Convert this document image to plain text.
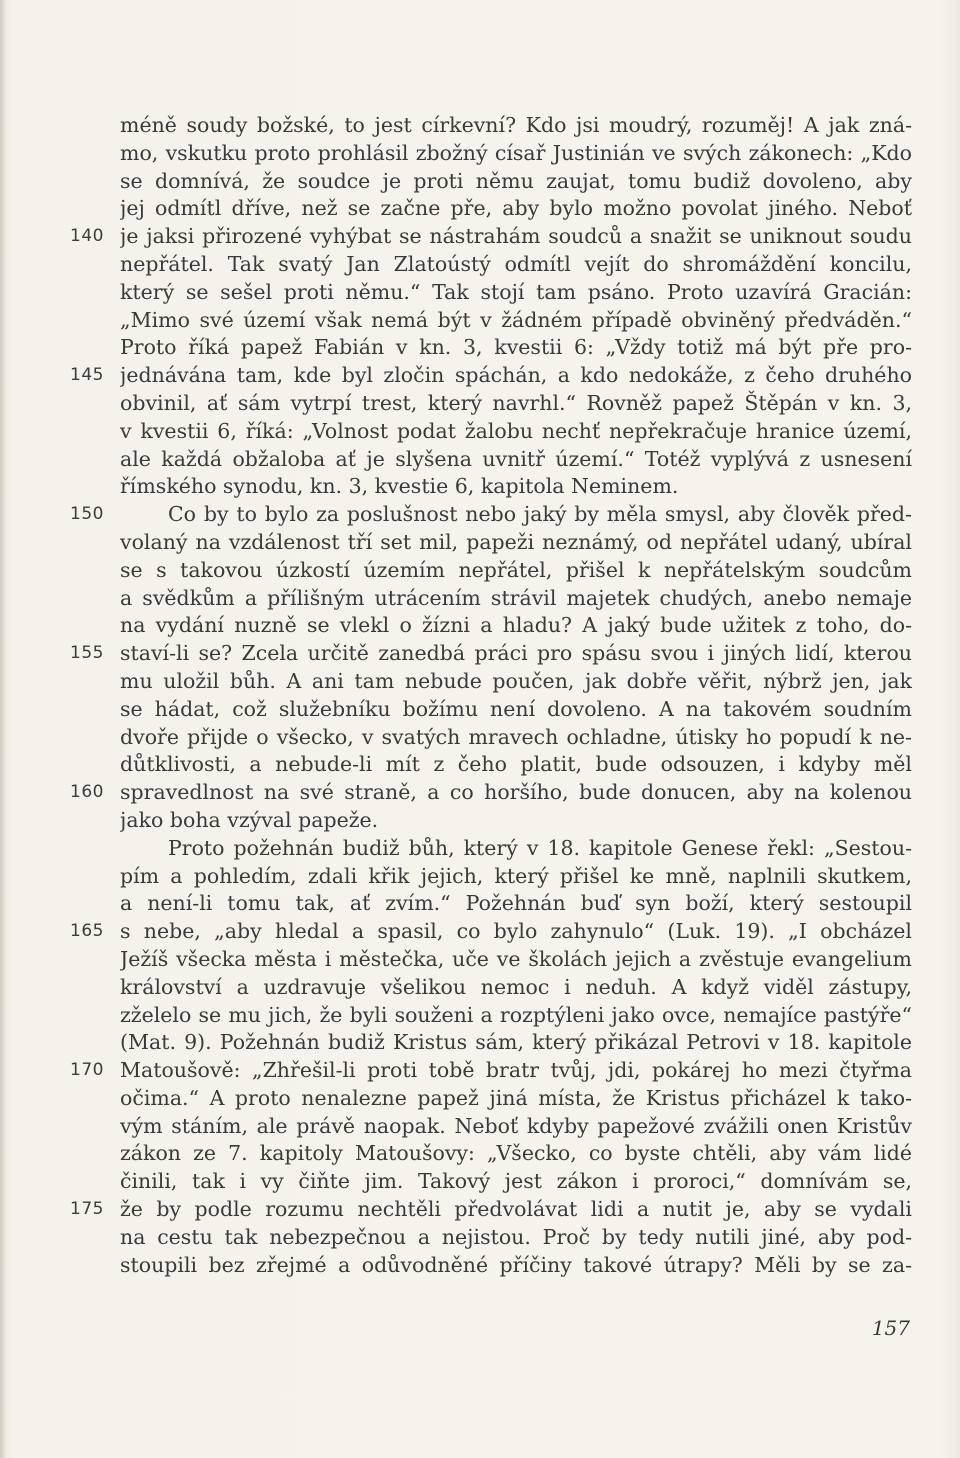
méně soudy božské, to jest církevní? Kdo jsi moudrý, rozuměj! A jak zná-
mo, vskutku proto prohlásil zbožný císař Justinián ve svých zákonech: „Kdo
se domnívá, že soudce je proti němu zaujat, tomu budiž dovoleno, aby
jej odmítl dříve, než se začne pře, aby bylo možno povolat jiného. Neboť
140 je jaksi přirozené vyhýbat se nástrahám soudců a snažit se uniknout soudu
nepřátel. Tak svatý Jan Zlatoústý odmítl vejít do shromáždění koncilu,
který se sešel proti němu.“ Tak stojí tam psáno. Proto uzavírá Gracián:
„Mimo své území však nemá být v žádném případě obviněný předváděn.“
Proto říká papež Fabián v kn. 3, kvestii 6: „Vždy totiž má být pře pro-
145 jednávána tam, kde byl zločin spáchán, a kdo nedokáže, z čeho druhého
obvinil, ať sám vytrpí trest, který navrhl.“ Rovněž papež Štěpán v kn. 3,
v kvestii 6, říká: „Volnost podat žalobu nechť nepřekračuje hranice území,
ale každá obžaloba ať je slyšena uvnitř území.“ Totéž vyplývá z usnesení
římského synodu, kn. 3, kvestie 6, kapitola Neminem.
150	Co by to bylo za poslušnost nebo jaký by měla smysl, aby člověk před-
volaný na vzdálenost tří set mil, papeži neznámý, od nepřátel udaný, ubíral
se s takovou úzkostí územím nepřátel, přišel k nepřátelským soudcům
a svědkům a přílišným utrácením strávil majetek chudých, anebo nemaje
na vydání nuzně se vlekl o žízni a hladu? A jaký bude užitek z toho, do-
155 staví-li se? Zcela určitě zanedbá práci pro spásu svou i jiných lidí, kterou
mu uložil bůh. A ani tam nebude poučen, jak dobře věřit, nýbrž jen, jak
se hádat, což služebníku božímu není dovoleno. A na takovém soudním
dvoře přijde o všecko, v svatých mravech ochladne, útisky ho popudí k ne-
důtklivosti, a nebude-li mít z čeho platit, bude odsouzen, i kdyby měl
160 spravedlnost na své straně, a co horšího, bude donucen, aby na kolenou
jako boha vzýval papeže.
Proto požehnán budiž bůh, který v 18. kapitole Genese řekl: „Sestou-
pím a pohledím, zdali křik jejich, který přišel ke mně, naplnili skutkem,
a není-li tomu tak, ať zvím.“ Požehnán buď syn boží, který sestoupil
165 s nebe, „aby hledal a spasil, co bylo zahynulo“ (Luk. 19). „I obcházel
Ježíš všecka města i městečka, uče ve školách jejich a zvěstuje evangelium
království a uzdravuje všelikou nemoc i neduh. A když viděl zástupy,
zželelo se mu jich, že byli souženi a rozptýleni jako ovce, nemajíce pastýře“
(Mat. 9). Požehnán budiž Kristus sám, který přikázal Petrovi v 18. kapitole
170 Matoušově: „Zhřešil-li proti tobě bratr tvůj, jdi, pokárej ho mezi čtyřma
očima.“ A proto nenalezne papež jiná místa, že Kristus přicházel k tako-
vým stáním, ale právě naopak. Neboť kdyby papežové zvážili onen Kristův
zákon ze 7. kapitoly Matoušovy: „Všecko, co byste chtěli, aby vám lidé
činili, tak i vy čiňte jim. Takový jest zákon i proroci,“ domnívám se,
175 že by podle rozumu nechtěli předvolávat lidi a nutit je, aby se vydali
na cestu tak nebezpečnou a nejistou. Proč by tedy nutili jiné, aby pod-
stoupili bez zřejmé a odůvodněné příčiny takové útrapy? Měli by se za-
157
